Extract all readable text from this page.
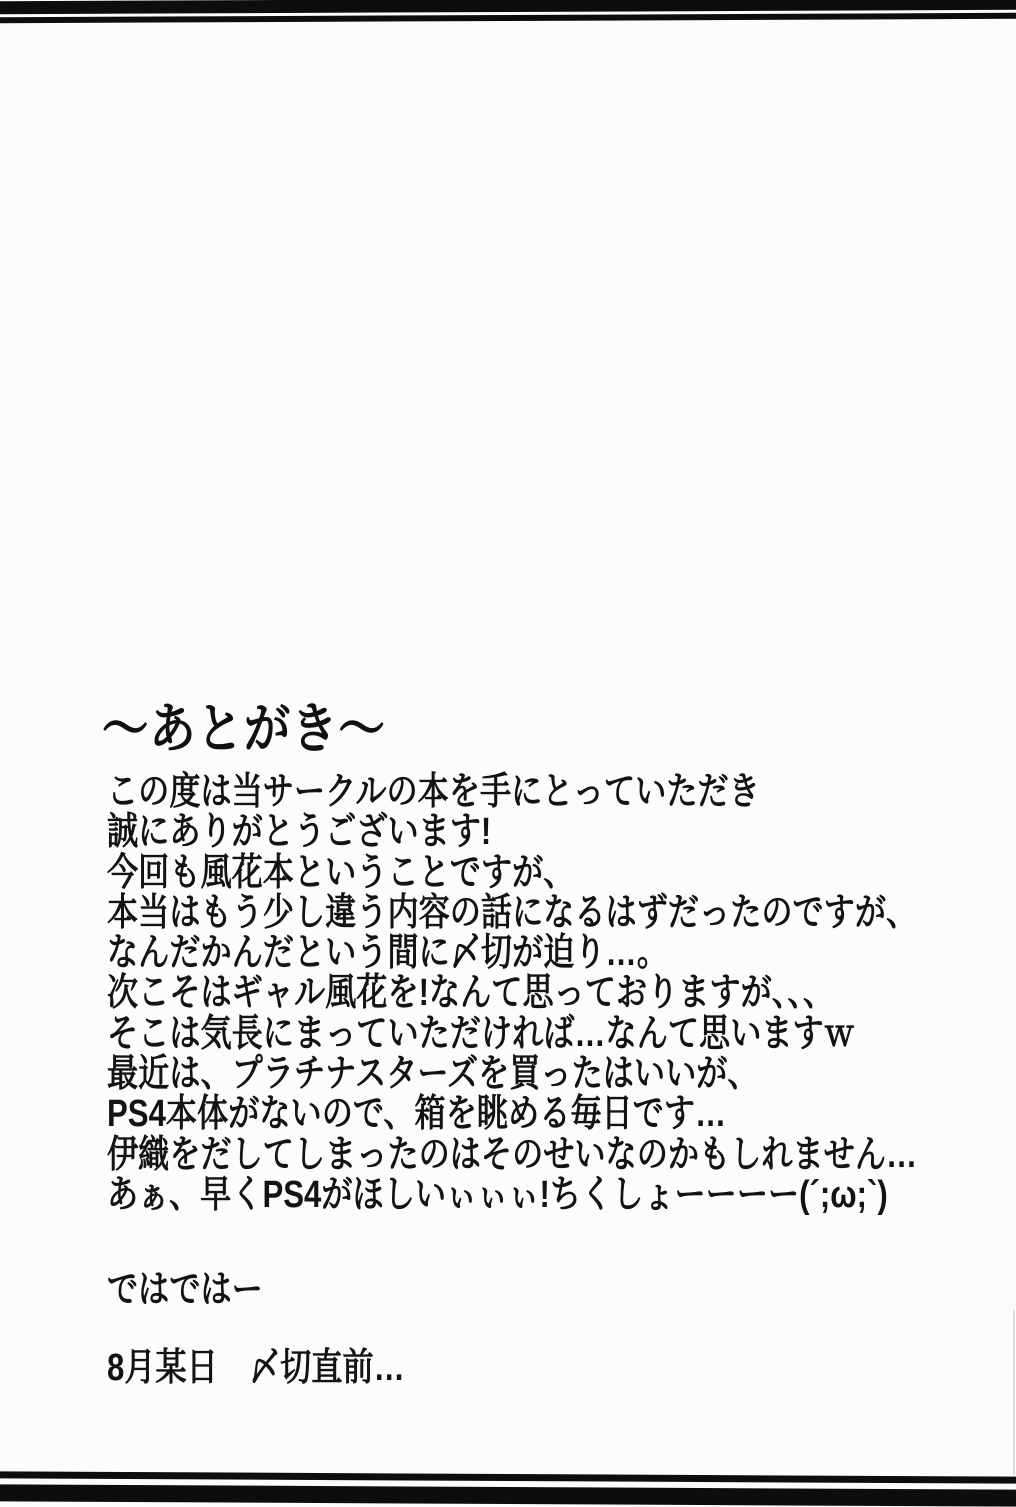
～あとがき～
この度は当サークルの本を手にとっていただき
誠にありがとうございます!
今回も風花本ということですが、
本当はもう少し違う内容の話になるはずだったのですが、
なんだかんだという間に〆切が迫り…。
次こそはギャル風花を!なんて思っておりますが、、、
そこは気長にまっていただければ…なんて思いますｗ
最近は、プラチナスターズを買ったはいいが、
PS4本体がないので、箱を眺める毎日です…
伊織をだしてしまったのはそのせいなのかもしれません…
あぁ、早くPS4がほしいぃぃぃ!ちくしょーーーー(´;ω;`)
ではではー
8月某日　〆切直前…
